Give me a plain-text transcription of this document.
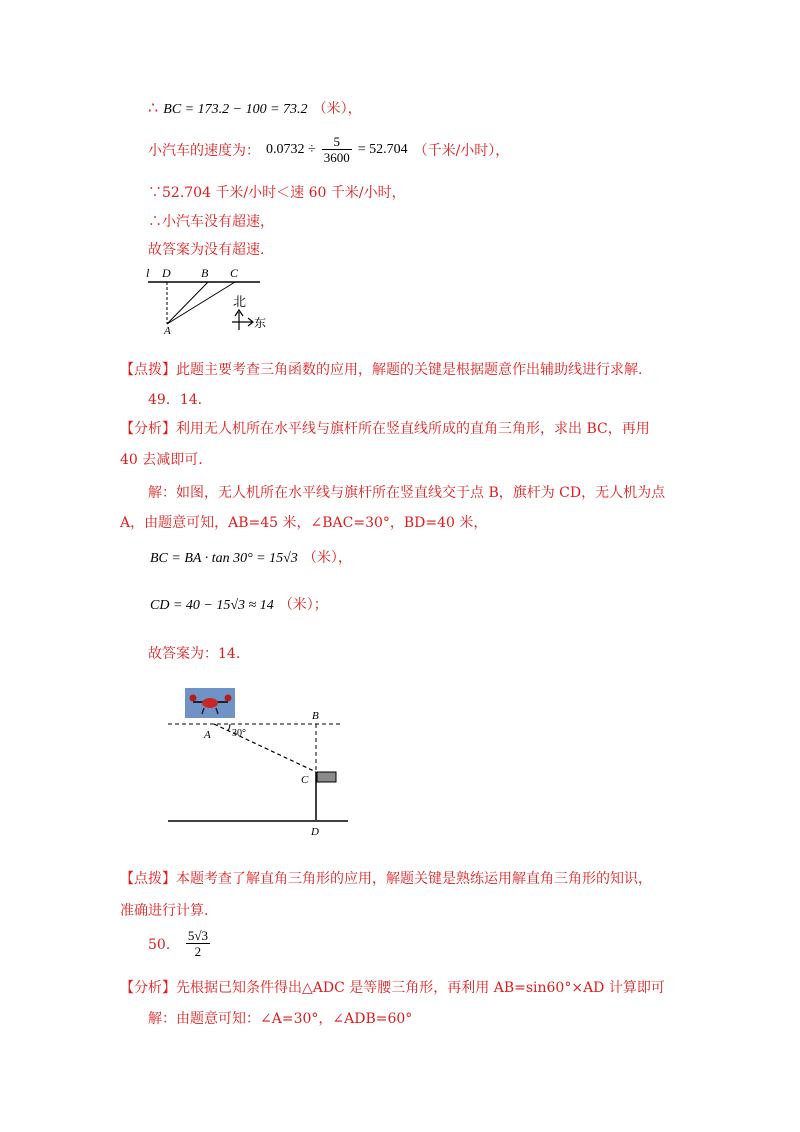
∴ BC = 173.2 − 100 = 73.2 （米），
小汽车的速度为： $0.0732 \div \frac{5}{3600} = 52.704$ （千米/小时），
∵52.704 千米/小时＜速 60 千米/小时，
∴小汽车没有超速，
故答案为没有超速.
l D	B C
A
北
东
【点拨】此题主要考查三角函数的应用，解题的关键是根据题意作出辅助线进行求解.
49．14．
【分析】利用无人机所在水平线与旗杆所在竖直线所成的直角三角形，求出 BC，再用
40 去减即可.
解：如图，无人机所在水平线与旗杆所在竖直线交于点 B，旗杆为 CD，无人机为点
A，由题意可知，AB=45 米，∠BAC=30°，BD=40 米，
BC = BA · tan 30° = 15√3 （米），
CD = 40 − 15√3 ≈ 14 （米）；
故答案为：14.
A
B
C
D
30°
【点拨】本题考查了解直角三角形的应用，解题关键是熟练运用解直角三角形的知识，
准确进行计算.
50． $\frac{5√3}{2}$
【分析】先根据已知条件得出△ADC 是等腰三角形，再利用 AB=sin60°×AD 计算即可
解：由题意可知：∠A=30°，∠ADB=60°
